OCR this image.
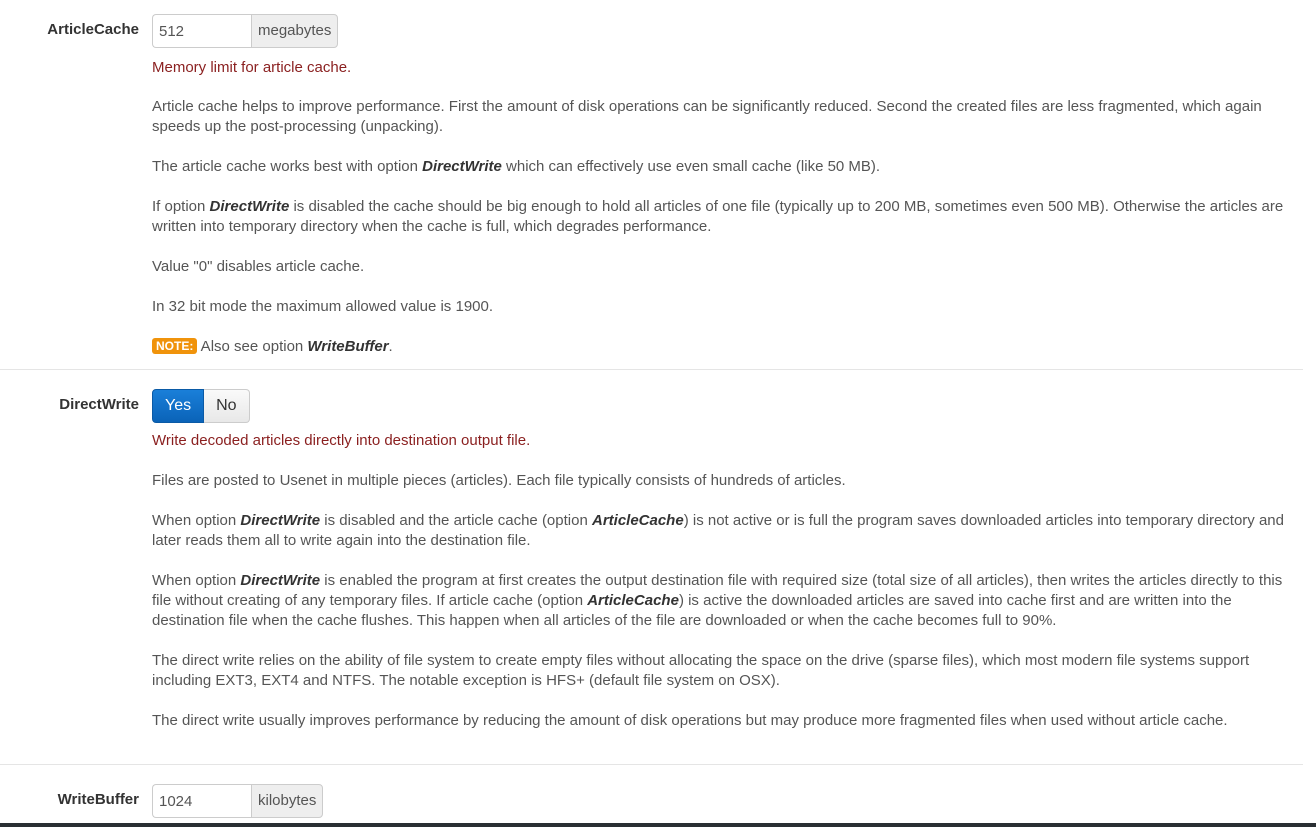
ArticleCache
512	megabytes

Memory limit for article cache.

Article cache helps to improve performance. First the amount of disk operations can be significantly reduced. Second the created files are less fragmented, which again speeds up the post-processing (unpacking).

The article cache works best with option DirectWrite which can effectively use even small cache (like 50 MB).

If option DirectWrite is disabled the cache should be big enough to hold all articles of one file (typically up to 200 MB, sometimes even 500 MB). Otherwise the articles are written into temporary directory when the cache is full, which degrades performance.

Value "0" disables article cache.

In 32 bit mode the maximum allowed value is 1900.

NOTE: Also see option WriteBuffer.

DirectWrite	Yes	No

Write decoded articles directly into destination output file.

Files are posted to Usenet in multiple pieces (articles). Each file typically consists of hundreds of articles.

When option DirectWrite is disabled and the article cache (option ArticleCache) is not active or is full the program saves downloaded articles into temporary directory and later reads them all to write again into the destination file.

When option DirectWrite is enabled the program at first creates the output destination file with required size (total size of all articles), then writes the articles directly to this file without creating of any temporary files. If article cache (option ArticleCache) is active the downloaded articles are saved into cache first and are written into the destination file when the cache flushes. This happen when all articles of the file are downloaded or when the cache becomes full to 90%.

The direct write relies on the ability of file system to create empty files without allocating the space on the drive (sparse files), which most modern file systems support including EXT3, EXT4 and NTFS. The notable exception is HFS+ (default file system on OSX).

The direct write usually improves performance by reducing the amount of disk operations but may produce more fragmented files when used without article cache.

WriteBuffer
1024	kilobytes
